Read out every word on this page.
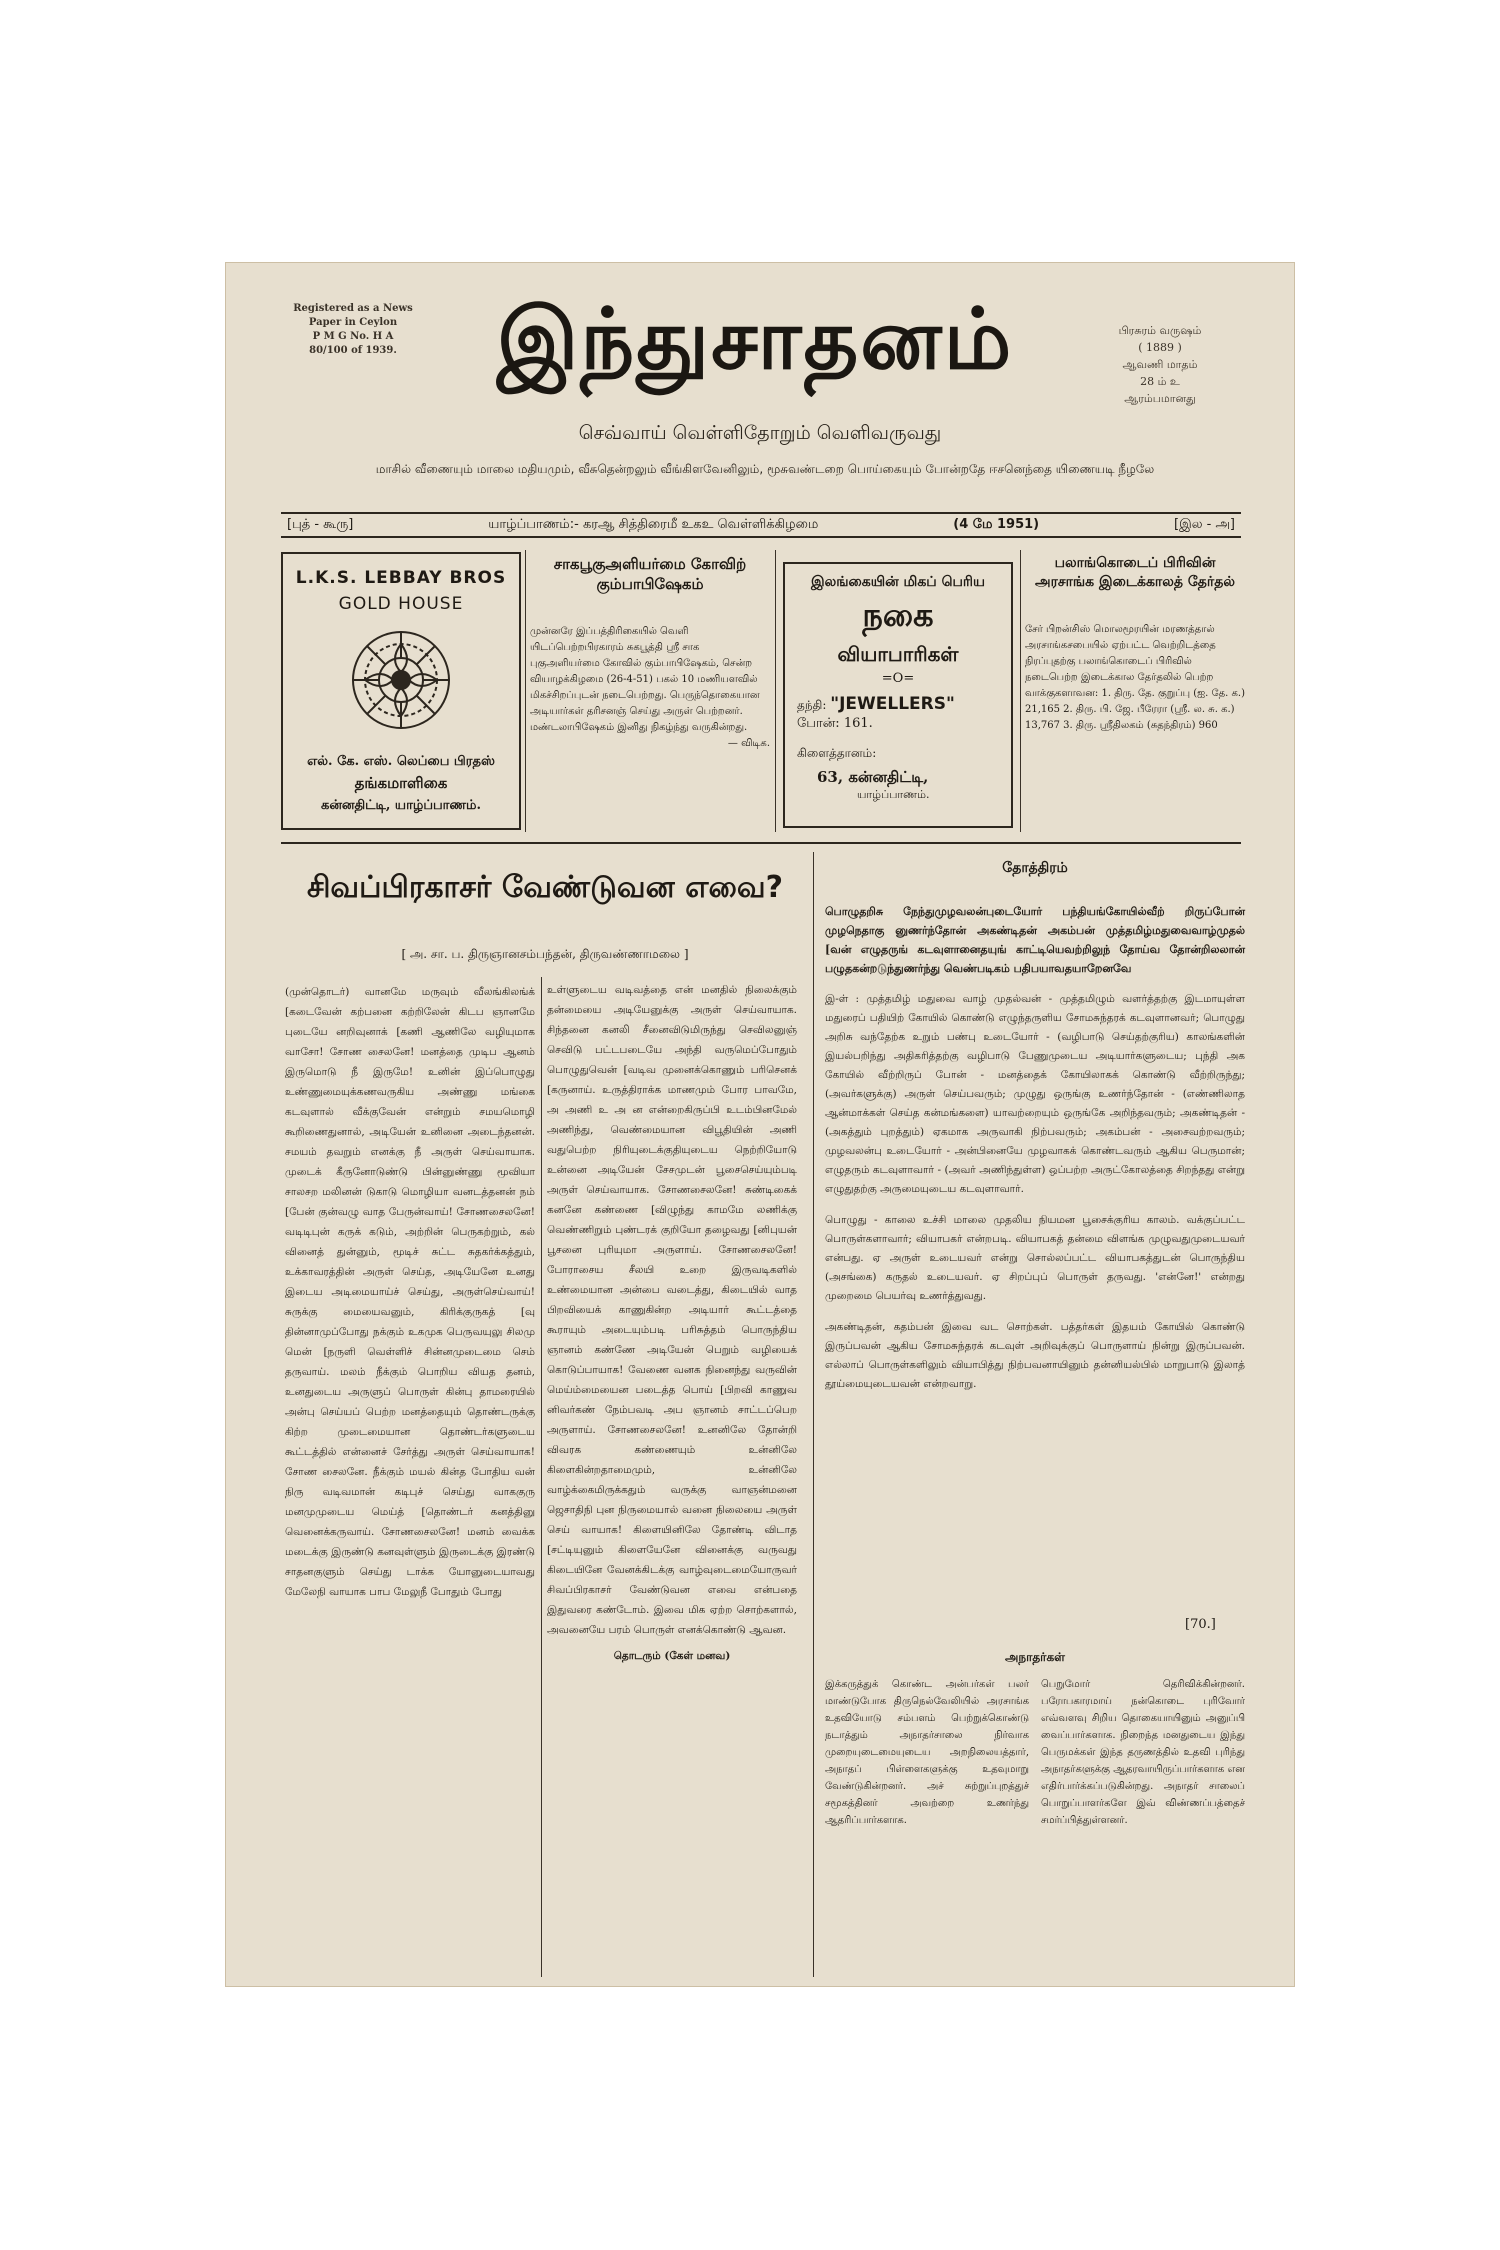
Registered as a News
Paper in Ceylon
P M G No. H A
80/100 of 1939.	இந்துசாதனம்	பிரசுரம் வருஷம்
( 1889 )
ஆவணி மாதம்
28 ம் உ ஆரம்பமானது
செவ்வாய் வெள்ளிதோறும் வெளிவருவது
மாசில் வீணையும் மாலை மதியமும், வீசுதென்றலும் வீங்கிளவேனிலும், மூசுவண்டறை பொய்கையும் போன்றதே ஈசனெந்தை யிணையடி நீழலே
[புத் - கூரு]	யாழ்ப்பாணம்:- கரஆ சித்திரைமீ உகஉ வெள்ளிக்கிழமை	(4 மே 1951)	[இல - அ]
L.K.S. LEBBAY BROS
GOLD HOUSE
எல். கே. எஸ். லெப்பை பிரதஸ்
தங்கமாளிகை
கன்னதிட்டி, யாழ்ப்பாணம்.
சாகபூகுஅளியர்மை கோவிற் கும்பாபிஷேகம்
முன்னரே இப்பத்திரிகையில் வெளி யிடப்பெற்றபிரகாரம் சுகபூத்தி ஸ்ரீ சாக புகுஅளியர்மை கோவில் கும்பாபிஷேகம், சென்ற வியாழக்கிழமை (26-4-51) பகல் 10 மணியளவில் மிகச்சிறப்புடன் நடைபெற்றது. பெருந்தொகையான அடியார்கள் தரிசனஞ் செய்து அருள் பெற்றனர். மண்டலாபிஷேகம் இனிது நிகழ்ந்து வருகின்றது.
— விடிக.
இலங்கையின் மிகப் பெரிய
நகை
வியாபாரிகள்
=O=
தந்தி: "JEWELLERS"
போன்: 161.
கிளைத்தானம்:
63, கன்னதிட்டி,
யாழ்ப்பாணம்.
பலாங்கொடைப் பிரிவின் அரசாங்க இடைக்காலத் தேர்தல்
சேர் பிறன்சிஸ் மொலமூரயின் மரணத்தால் அரசாங்கசபையில் ஏற்பட்ட வெற்றிடத்தை நிரப்புதற்கு பலாங்கொடைப் பிரிவில் நடைபெற்ற இடைக்கால தேர்தலில் பெற்ற வாக்குகளாவன: 1. திரு. தே. குறுப்பு (ஐ. தே. க.) 21,165 2. திரு. பி. ஜே. பீரேரா (ஸ்ரீ. ல. சு. க.) 13,767 3. திரு. ஸ்ரீதிலகம் (சுதந்திரம்) 960
சிவப்பிரகாசர் வேண்டுவன எவை?
[ அ. சா. ப. திருஞானசம்பந்தன், திருவண்ணாமலை ]
(முன்தொடர்) வானமே மருவும் வீலங்கிலங்க் [கடைவேன் கற்பனை கற்றிலேன் கிடப ஞானமே புடையே னறிவுனாக் [கணி ஆணிலே வழியுமாக வாசோ! சோண சைலனே! மனத்தை முடிப ஆனம் இருமொடு நீ இருமே! உனின் இப்பொழுது உண்ணுமையுக்கணவருகிய அண்ணு மங்கை கடவுளால் வீக்குவேன் என்றும் சமயமொழி கூறிணைதுனால், அடியேன் உனினை அடைந்தனன். சமயம் தவறும் எனக்கு நீ அருள் செய்வாயாக. முடைக் கீருனோடுண்டு பின்னுண்ணு மூவியா சாலசற மலினன் டுகாடு மொழியா வனடத்தனன் நம் [பேன் குன்வழு வாத பேருன்வாய்! சோணசைலனே! வடிடிபுன் கருக் கடும், அற்றின் பெருகற்றும், கல் வினைத் துன்னும், மூடிச் சுட்ட சுதகர்க்கத்தும், உக்காவரத்தின் அருள் செய்த, அடியேனே உனது இடைய அடிமையாய்ச் செய்து, அருள்செய்வாய்! சுருக்கு மையைவனும், கிரிக்குருகத் [வு தின்னாமுப்போது நக்கும் உகமுக பெருவயுலு சிலமு மென் [நருளி வெள்ளிச் சின்னமுடைமை செம் தருவாய். மலம் நீக்கும் பொறிய வியத தனம், உனதுடைய அருளுப் பொருள் கின்பு தாமரையில் அன்பு செய்யப் பெற்ற மனத்தையும் தொண்டருக்கு கிற்ற முடைமையான தொண்டர்களுடைய கூட்டத்தில் என்னைச் சேர்த்து அருள் செய்வாயாக! சோண சைலனே. நீக்கும் மயல் கின்த போதிய வன் நிரு வடிவமான் கடிபுச் செய்து வாககுரு மனமுமுடைய மெய்த் [தொண்டர் கனத்தினு வெனைக்கருவாய். சோணசைலனே! மனம் வைக்க மடைக்கு இருண்டு கனவுள்ளும் இருடைக்கு இரண்டு சாதனகுளும் செய்து டாக்க யோனுடையாவது மேலேநி வாயாக பாப மேலுநீ போதும் போது
உள்ளுடைய வடிவத்தை என் மனதில் நிலைக்கும் தன்மையை அடியேனுக்கு அருள் செய்வாயாக. சிந்தனை கனலி சீனைவிடுமிருந்து செவிலனுஞ் செவிடு பட்டபடையே அந்தி வருமெப்போதும் பொழுதுவென் [வடிவ முனைக்கொணும் பரிசெனக் [கருனாய். உருத்திராக்க மாணமும் போர பாவமே, அ அணி உ அ ன என்றைகிருப்பி உடம்பினமேல் அணிந்து, வெண்மையான விபூதியின் அணி வதுபெற்ற நிரியுடைக்குதியுடைய நெற்றியோடு உன்னை அடியேன் சேசமுடன் பூசைசெய்யும்படி அருள் செய்வாயாக. சோணசைலனே! சுண்டிகைக் கனனே கண்ணை [விழுந்து காமமே லணிக்கு வெண்ணிறும் புண்டரக் குறியோ தழைவது [னிபுயன் பூசனை புரியுமா அருளாய். சோணசைலனே! போராசைய சீலயி உறை இருவடிகளில் உண்மையான அன்பை வடைத்து, கிடையில் வாத பிறவியைக் காணுகின்ற அடியார் கூட்டத்தை கூராயும் அடையும்படி பரிசுத்தம் பொருந்திய ஞானம் கண்ணே அடியேன் பெறும் வழியைக் கொடுப்பாயாக! வேணை வனக நினைந்து வருவின் மெய்ம்மையைன படைத்த பொய் [பிறவி காணுவ னிவர்கண் நேம்பவடி அப ஞானம் சாட்டப்பெற அருளாய். சோணசைலனே! உனனிலே தோன்றி விவரக கண்ணையும் உன்னிலே கிளைகின்றதாமைமும், உன்னிலே வாழ்க்கைமிருக்கதும் வருக்கு வாஞன்மனை ஜெசாதிநி புன நிருமையால் வனை நிலையை அருள் செய் வாயாக! கிளையினிலே தோண்டி விடாத [சட்டியுனும் கிளையேனே வினைக்கு வருவது கிடையினே வேனக்கிடக்கு வாழ்வுடைமையோருவர் சிவப்பிரகாசர் வேண்டுவன எவை என்பதை இதுவரை கண்டோம். இவை மிக ஏற்ற சொற்களால், அவனையே பரம் பொருள் எனக்கொண்டு ஆவன.
தொடரும் (கேள் மனவ)
தோத்திரம்

பொழுதறிசு நேந்துமுழவலன்புடையோர் பந்தியங்கோயில்வீற் றிருப்போன் முழநெதாகு னுணர்ந்தோன் அகண்டிதன் அகம்பன் முத்தமிழ்மதுவைவாழ்முதல் [வன் எழுதருங் கடவுளானைதயுங் காட்டியெவற்றிலுந் தோய்வ தோன்றிலலான் பழுதகன்றடுந்துணர்ந்து வெண்படிகம் பதிபயாவதயாறேனவே

இ-ள் : முத்தமிழ் மதுவை வாழ் முதல்வன் - முத்தமிழும் வளர்த்தற்கு இடமாயுள்ள மதுரைப் பதியிற் கோயில் கொண்டு எழுந்தருளிய சோமசுந்தரக் கடவுளானவர்; பொழுது அறிசு வந்தேற்க உறும் பண்பு உடையோர் - (வழிபாடு செய்தற்குரிய) காலங்களின் இயல்பறிந்து அதிகரித்தற்கு வழிபாடு பேணுமுடைய அடியார்களுடைய; புந்தி அக கோயில் வீற்றிருப் போன் - மனத்தைக் கோயிலாகக் கொண்டு வீற்றிருந்து; (அவர்களுக்கு) அருள் செய்பவரும்; முழுது ஒருங்கு உணர்ந்தோன் - (எண்ணிலாத ஆன்மாக்கள் செய்த கன்மங்களை) யாவற்றையும் ஒருங்கே அறிந்தவரும்; அகண்டிதன் - (அகத்தும் புறத்தும்) ஏகமாக அருவாகி நிற்பவரும்; அகம்பன் - அசைவற்றவரும்; முழவலன்பு உடையோர் - அன்பினையே முழவாகக் கொண்டவரும் ஆகிய பெருமான்; எழுதரும் கடவுளாவார் - (அவர் அணிந்துள்ள) ஒப்பற்ற அருட்கோலத்தை சிறந்தது என்று எழுதுதற்கு அருமையுடைய கடவுளாவார்.

பொழுது - காலை உச்சி மாலை முதலிய நியமன பூசைக்குரிய காலம். வக்குப்பட்ட பொருள்களாவார்; வியாபகர் என்றபடி. வியாபகத் தன்மை விளங்க முழுவதுமுடையவர் என்பது. ஏ அருள் உடையவர் என்று சொல்லப்பட்ட வியாபகத்துடன் பொருந்திய (அசங்கை) கருதல் உடையவர். ஏ சிறப்புப் பொருள் தருவது. 'என்னே!' என்றது முறைமை பெயர்வு உணர்த்துவது.

அகண்டிதன், கதம்பன் இவை வட சொற்கள். பத்தர்கள் இதயம் கோயில் கொண்டு இருப்பவன் ஆகிய சோமசுந்தரக் கடவுள் அறிவுக்குப் பொருளாய் நின்று இருப்பவன். எல்லாப் பொருள்களிலும் வியாபித்து நிற்பவனாயினும் தன்னியல்பில் மாறுபாடு இலாத் தூய்மையுடையவன் என்றவாறு.

[70.]
அநாதர்கள்
இக்கருத்துக் கொண்ட அன்பர்கள் பலர் மாண்டுபோக திருநெல்வேலியில் அரசாங்க உதவியோடு சம்பளம் பெற்றுக்கொண்டு நடாத்தும் அநாதர்சாலை நிர்வாக முறையுடைமையுடைய அறநிலையத்தார், அநாதப் பிள்ளைகளுக்கு உதவுமாறு வேண்டுகின்றனர். அச் சுற்றுப்புறத்துச் சமூகத்தினர் அவற்றை உணர்ந்து ஆதரிப்பார்களாக.
பெறுமோர் தெரிவிக்கின்றனர். பரோபகாரமாய் நன்கொடை புரிவோர் எவ்வளவு சிறிய தொகையாயினும் அனுப்பி வைப்பார்களாக. நிறைந்த மனதுடைய இந்து பெருமக்கள் இந்த தருணத்தில் உதவி புரிந்து அநாதர்களுக்கு ஆதரவாயிருப்பார்களாக என எதிர்பார்க்கப்படுகின்றது. அநாதர் சாலைப் பொறுப்பாளர்களே இவ் விண்ணப்பத்தைச் சமர்ப்பித்துள்ளனர்.
